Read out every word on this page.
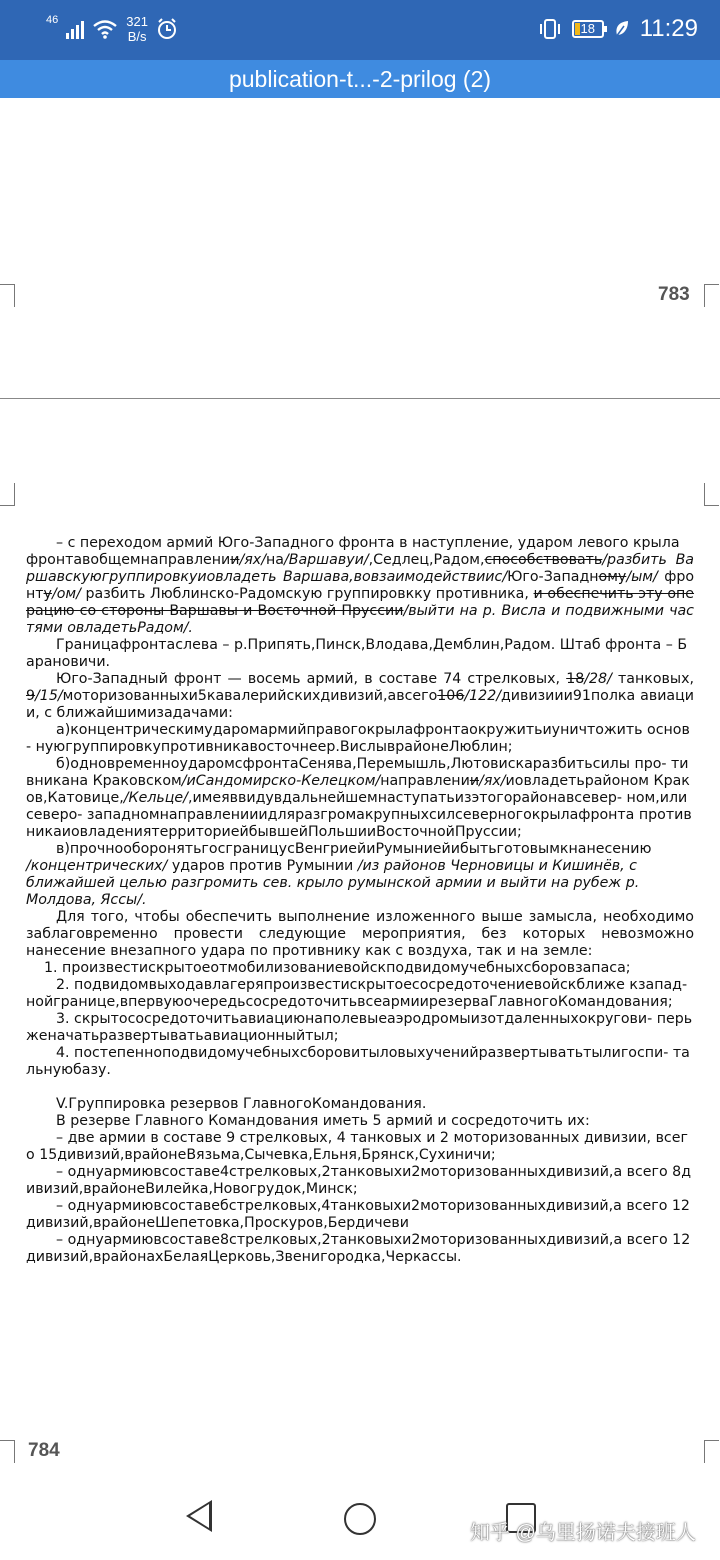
46	321
B/s
18 11:29
publication-t...-2-prilog (2)
783

– с переходом армий Юго-Западного фронта в наступление, ударом левого крыла

фронтавобщемнаправлении/ях/на/Варшавуи/,Седлец,Радом,способствовать/разбить Варшавскуюгруппировкуиовладеть Варшава,вовзаимодействиис/Юго-Западному/ым/ фронту/ом/ разбить Люблинско-Радомскую группировкку противника, и обеспечить эту операцию со стороны Варшавы и Восточной Пруссии/выйти на р. Висла и подвижными частями овладетьРадом/.

Границафронтаслева – р.Припять,Пинск,Влодава,Демблин,Радом. Штаб фронта – Барановичи.

Юго-Западный фронт — восемь армий, в составе 74 стрелковых, 18/28/ танковых, 9/15/моторизованныхи5кавалерийскихдивизий,авсего106/122/дивизиии91полка авиации, с ближайшимизадачами:

а)концентрическимударомармийправогокрылафронтаокружитьиуничтожить основ- нуюгруппировкупротивникавосточнеер.ВислыврайонеЛюблин;

б)одновременноударомсфронтаСенява,Перемышль,Лютовискаразбитьсилы про- тивникана Краковском/иСандомирско-Келецком/направлении/ях/иовладетьрайоном Краков,Катовице,/Кельце/,имеяввидувдальнейшемнаступатьизэтогорайонавсевер- ном,илисеверо- западномнаправленииидляразгромакрупныхсилсеверногокрылафронта противникаиовладениятерриториейбывшейПольшииВосточнойПруссии;

в)прочнооборонятьгосграницусВенгриейиРумыниейибытьготовымкнанесению

/концентрических/ ударов против Румынии /из районов Черновицы и Кишинёв, с ближайшей целью разгромить сев. крыло румынской армии и выйти на рубеж р. Молдова, Яссы/.

Для того, чтобы обеспечить выполнение изложенного выше замысла, необходимо заблаговременно провести следующие мероприятия, без которых невозможно нанесение внезапного удара по противнику как с воздуха, так и на земле:

1. произвестискрытоеотмобилизованиевойскподвидомучебныхсборовзапаса;

2. подвидомвыходавлагеряпроизвестискрытоесосредоточениевойскближе кзапад- нойгранице,впервуюочередьсосредоточитьвсеармиирезерваГлавногоКомандования;

3. скрытососредоточитьавиациюнаполевыеаэродромыизотдаленныхокругови- перьженачатьразвертыватьавиационныйтыл;

4. постепенноподвидомучебныхсборовитыловыхученийразвертыватьтылигоспи- тальнуюбазу.

V.Группировка резервов ГлавногоКомандования.

В резерве Главного Командования иметь 5 армий и сосредоточить их:

– две армии в составе 9 стрелковых, 4 танковых и 2 моторизованных дивизии, всего 15дивизий,врайонеВязьма,Сычевка,Ельня,Брянск,Сухиничи;

– однуармиювсоставе4стрелковых,2танковыхи2моторизованныхдивизий,а всего 8дивизий,врайонеВилейка,Новогрудок,Минск;

– однуармиювсоставебстрелковых,4танковыхи2моторизованныхдивизий,а всего 12дивизий,врайонеШепетовка,Проскуров,Бердичеви

– однуармиювсоставе8стрелковых,2танковыхи2моторизованныхдивизий,а всего 12дивизий,врайонахБелаяЦерковь,Звенигородка,Черкассы.

784
知乎 @乌里扬诺夫接班人
